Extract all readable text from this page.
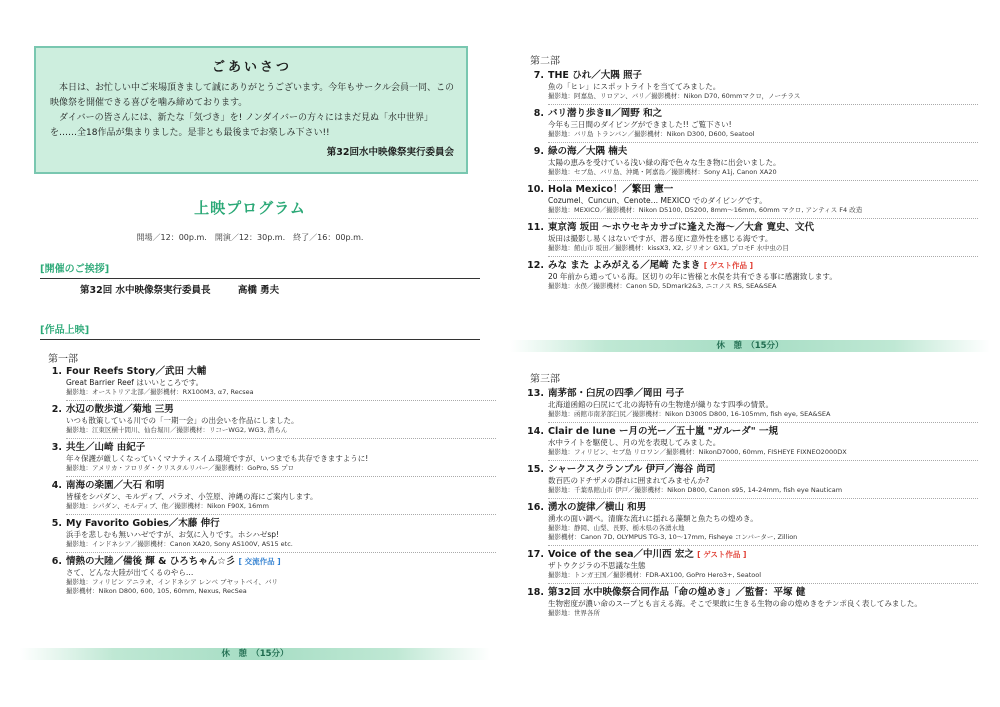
ごあいさつ

本日は、お忙しい中ご来場頂きまして誠にありがとうございます。今年もサークル会員一同、この映像祭を開催できる喜びを噛み締めております。

ダイバーの皆さんには、新たな「気づき」を! ノンダイバーの方々にはまだ見ぬ「水中世界」を……全18作品が集まりました。是非とも最後までお楽しみ下さい!!

第32回水中映像祭実行委員会
上映プログラム
開場／12：00p.m.　開演／12：30p.m.　終了／16：00p.m.
[開催のご挨拶]
第32回 水中映像祭実行委員長	高橋 勇夫
[作品上映]
第一部
1. Four Reefs Story／武田 大輔
Great Barrier Reef はいいところです。
撮影地：オーストリア北部／撮影機材：RX100M3, α7, Recsea
2. 水辺の散歩道／菊地 三男
いつも散策している川での「一期一会」の出会いを作品にしました。
撮影地：江東区横十間川、仙台堀川／撮影機材：リコーWG2, WG3, 潜らん
3. 共生／山崎 由紀子
年々保護が厳しくなっていくマナティスイム環境ですが、いつまでも共存できますように!
撮影地：アメリカ・フロリダ・クリスタルリバー／撮影機材：GoPro, S5 プロ
4. 南海の楽園／大石 和明
皆様をシパダン、モルディブ、パラオ、小笠原、沖縄の海にご案内します。
撮影地：シパダン、モルディブ、他／撮影機材：Nikon F90X, 16mm
5. My Favorito Gobies／木藤 伸行
浜手を悲しむも無いハゼですが、お気に入りです。ホシハゼsp!
撮影地：インドネシア／撮影機材：Canon XA20, Sony AS100V, AS15 etc.
6. 情熱の大陸／備後 輝 & ひろちゃん☆彡 [ 交流作品 ]
さて、どんな大陸が出てくるのやら…
撮影地：フィリピン アニラオ、インドネシア レンベ ブヤットベイ、バリ
撮影機材：Nikon D800, 600, 105, 60mm, Nexus, RecSea
休　憩　（15分）
第二部
7. THE ひれ／大隅 照子
魚の「ヒレ」にスポットライトを当ててみました。
撮影地：阿嘉島、リロアン、バリ／撮影機材：Nikon D70, 60mmマクロ，ノーチラス
8. バリ潜り歩きⅡ／岡野 和之
今年も三日間のダイビングができました!! ご覧下さい!
撮影地：バリ島 トランバン／撮影機材：Nikon D300, D600, Seatool
9. 緑の海／大隅 楠夫
太陽の恵みを受けている浅い緑の海で色々な生き物に出会いました。
撮影地：セブ島、バリ島、沖縄・阿嘉島／撮影機材：Sony A1j, Canon XA20
10. Hola Mexico！／繁田 憲一
Cozumel、Cuncun、Cenote… MEXICO でのダイビングです。
撮影地：MEXICO／撮影機材：Nikon D5100, D5200, 8mm～16mm, 60mm マクロ, アンティス F4 改造
11. 東京湾 坂田 ～ホウセキカサゴに逢えた海～／大倉 寛史、文代
坂田は撮影し易くはないですが、潜る度に意外性を感じる海です。
撮影地：館山市 坂田／撮影機材：kissX3, X2, ジリオン GX1, プロモF 水中虫の目
12. みな また よみがえる／尾崎 たまき [ ゲスト作品 ]
20 年前から通っている海。区切りの年に皆様と水俣を共有できる事に感謝致します。
撮影地：水俣／撮影機材：Canon 5D, 5Dmark2&3, ニコノス RS, SEA&SEA
休　憩　（15分）
第三部
13. 南茅部・臼尻の四季／岡田 弓子
北海道函館の臼尻にて北の海特有の生物達が織りなす四季の情景。
撮影地：函館市南茅部臼尻／撮影機材：Nikon D300S D800, 16-105mm, fish eye, SEA&SEA
14. Clair de lune ー月の光ー／五十嵐 "ガルーダ" 一規
水中ライトを駆使し、月の光を表現してみました。
撮影地：フィリピン、セブ島 リロワン／撮影機材：NikonD7000, 60mm, FISHEYE FIXNEO2000DX
15. シャークスクランブル 伊戸／海谷 尚司
数百匹のドチザメの群れに囲まれてみませんか?
撮影地：千葉県館山市 伊戸／撮影機材：Nikon D800, Canon s95, 14-24mm, fish eye Nauticam
16. 湧水の旋律／横山 和男
湧水の面い調べ。清廉な流れに揺れる藻類と魚たちの煌めき。
撮影地：静岡、山梨、長野、栃木県の各湧水地
撮影機材：Canon 7D, OLYMPUS TG-3, 10～17mm, Fisheye コンバーター, Zillion
17. Voice of the sea／中川西 宏之 [ ゲスト作品 ]
ザトウクジラの不思議な生態
撮影地：トンガ王国／撮影機材：FDR-AX100, GoPro Hero3+, Seatool
18. 第32回 水中映像祭合同作品「命の煌めき」／監督：平塚 健
生物密度が濃い命のスープとも言える海。そこで果敢に生きる生物の命の煌めきをテンポ良く表してみました。
撮影地：世界各所
